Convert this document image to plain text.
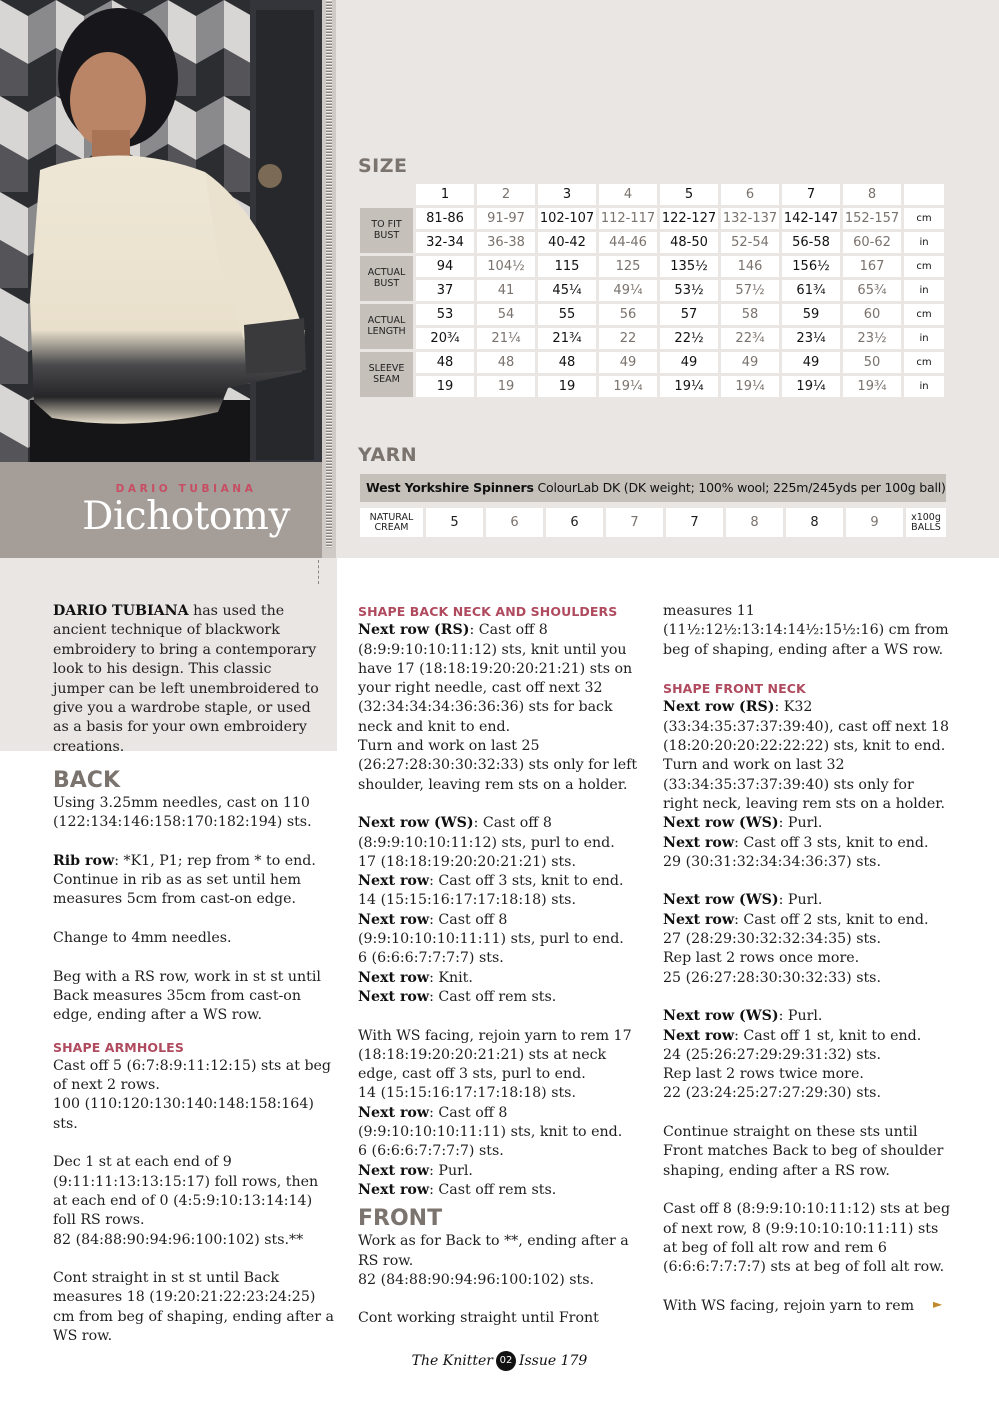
DARIO TUBIANA
Dichotomy
DARIO TUBIANA has used the ancient technique of blackwork embroidery to bring a contemporary look to his design. This classic jumper can be left unembroidered to give you a wardrobe staple, or used as a basis for your own embroidery creations.
SIZE
	1	2	3	4	5	6	7	8	
TO FIT
BUST	81-86	91-97	102-107	112-117	122-127	132-137	142-147	152-157	cm
	32-34	36-38	40-42	44-46	48-50	52-54	56-58	60-62	in
ACTUAL
BUST	94	104½	115	125	135½	146	156½	167	cm
	37	41	45¼	49¼	53½	57½	61¾	65¾	in
ACTUAL
LENGTH	53	54	55	56	57	58	59	60	cm
	20¾	21¼	21¾	22	22½	22¾	23¼	23½	in
SLEEVE
SEAM	48	48	48	49	49	49	49	50	cm
	19	19	19	19¼	19¼	19¼	19¼	19¾	in
YARN
West Yorkshire Spinners ColourLab DK (DK weight; 100% wool; 225m/245yds per 100g ball)
NATURAL
CREAM	5	6	6	7	7	8	8	9	x100g
BALLS
BACK

Using 3.25mm needles, cast on 110 (122:134:146:158:170:182:194) sts.

Rib row: *K1, P1; rep from * to end. Continue in rib as as set until hem measures 5cm from cast-on edge.

Change to 4mm needles.

Beg with a RS row, work in st st until Back measures 35cm from cast-on edge, ending after a WS row.

SHAPE ARMHOLES

Cast off 5 (6:7:8:9:11:12:15) sts at beg of next 2 rows.
100 (110:120:130:140:148:158:164) sts.

Dec 1 st at each end of 9 (9:11:11:13:13:15:17) foll rows, then at each end of 0 (4:5:9:10:13:14:14) foll RS rows.
82 (84:88:90:94:96:100:102) sts.**

Cont straight in st st until Back measures 18 (19:20:21:22:23:24:25) cm from beg of shaping, ending after a WS row.

SHAPE BACK NECK AND SHOULDERS

Next row (RS): Cast off 8 (8:9:9:10:10:11:12) sts, knit until you have 17 (18:18:19:20:20:21:21) sts on your right needle, cast off next 32 (32:34:34:34:36:36:36) sts for back neck and knit to end.
Turn and work on last 25 (26:27:28:30:30:32:33) sts only for left shoulder, leaving rem sts on a holder.

Next row (WS): Cast off 8 (8:9:9:10:10:11:12) sts, purl to end.
17 (18:18:19:20:20:21:21) sts.
Next row: Cast off 3 sts, knit to end.
14 (15:15:16:17:17:18:18) sts.
Next row: Cast off 8 (9:9:10:10:10:11:11) sts, purl to end.
6 (6:6:6:7:7:7:7) sts.
Next row: Knit.
Next row: Cast off rem sts.

With WS facing, rejoin yarn to rem 17 (18:18:19:20:20:21:21) sts at neck edge, cast off 3 sts, purl to end.
14 (15:15:16:17:17:18:18) sts.
Next row: Cast off 8 (9:9:10:10:10:11:11) sts, knit to end.
6 (6:6:6:7:7:7:7) sts.
Next row: Purl.
Next row: Cast off rem sts.

FRONT

Work as for Back to **, ending after a RS row.
82 (84:88:90:94:96:100:102) sts.

Cont working straight until Front

measures 11 (11½:12½:13:14:14½:15½:16) cm from beg of shaping, ending after a WS row.

SHAPE FRONT NECK

Next row (RS): K32 (33:34:35:37:37:39:40), cast off next 18 (18:20:20:20:22:22:22) sts, knit to end.
Turn and work on last 32 (33:34:35:37:37:39:40) sts only for right neck, leaving rem sts on a holder.
Next row (WS): Purl.
Next row: Cast off 3 sts, knit to end.
29 (30:31:32:34:34:36:37) sts.

Next row (WS): Purl.
Next row: Cast off 2 sts, knit to end.
27 (28:29:30:32:32:34:35) sts.
Rep last 2 rows once more.
25 (26:27:28:30:30:32:33) sts.

Next row (WS): Purl.
Next row: Cast off 1 st, knit to end.
24 (25:26:27:29:29:31:32) sts.
Rep last 2 rows twice more.
22 (23:24:25:27:27:29:30) sts.

Continue straight on these sts until Front matches Back to beg of shoulder shaping, ending after a RS row.

Cast off 8 (8:9:9:10:10:11:12) sts at beg of next row, 8 (9:9:10:10:10:11:11) sts at beg of foll alt row and rem 6 (6:6:6:7:7:7:7) sts at beg of foll alt row.

With WS facing, rejoin yarn to rem	►
The Knitter 02 Issue 179
